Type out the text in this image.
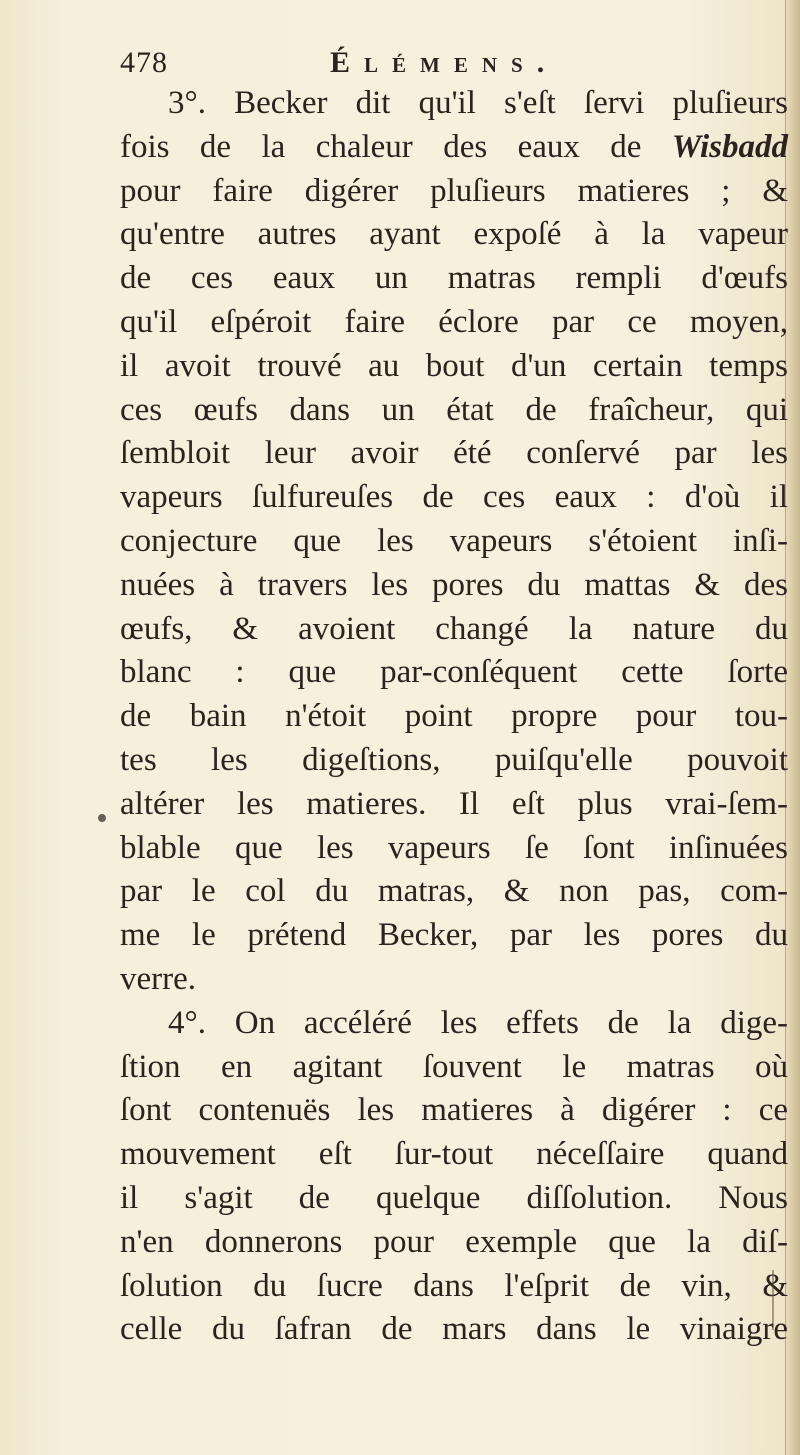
478	Élémens.
3°. Becker dit qu'il s'eſt ſervi pluſieurs
fois de la chaleur des eaux de Wisbadd
pour faire digérer pluſieurs matieres ; &
qu'entre autres ayant expoſé à la vapeur
de ces eaux un matras rempli d'œufs
qu'il eſpéroit faire éclore par ce moyen,
il avoit trouvé au bout d'un certain temps
ces œufs dans un état de fraîcheur, qui
ſembloit leur avoir été conſervé par les
vapeurs ſulfureuſes de ces eaux : d'où il
conjecture que les vapeurs s'étoient inſi-
nuées à travers les pores du mattas & des
œufs, & avoient changé la nature du
blanc : que par-conſéquent cette ſorte
de bain n'étoit point propre pour tou-
tes les digeſtions, puiſqu'elle pouvoit
altérer les matieres. Il eſt plus vrai-ſem-
blable que les vapeurs ſe ſont inſinuées
par le col du matras, & non pas, com-
me le prétend Becker, par les pores du
verre.
4°. On accéléré les effets de la dige-
ſtion en agitant ſouvent le matras où
ſont contenuës les matieres à digérer : ce
mouvement eſt ſur-tout néceſſaire quand
il s'agit de quelque diſſolution. Nous
n'en donnerons pour exemple que la diſ-
ſolution du ſucre dans l'eſprit de vin, &
celle du ſafran de mars dans le vinaigre
